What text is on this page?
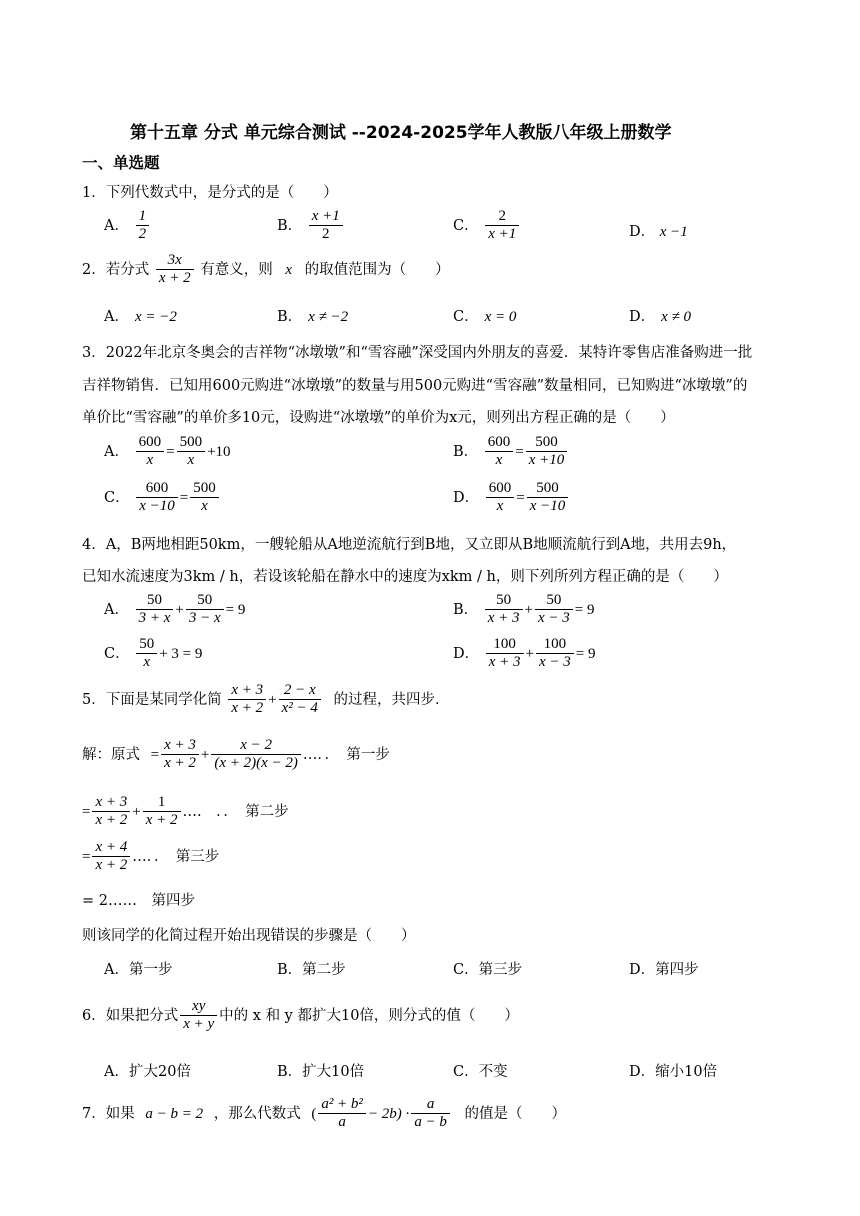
第十五章 分式 单元综合测试 --2024-2025学年人教版八年级上册数学
一、单选题
1．下列代数式中，是分式的是（　　）
A． $\frac{1}{2}$	B． $\frac{x +1}{2}$	C． $\frac{2}{x +1}$	D． x −1
2．若分式 $\frac{3x}{x + 2}$ 有意义，则 x 的取值范围为（　　）
A． x = −2	B． x ≠ −2	C． x = 0	D． x ≠ 0
3．2022年北京冬奥会的吉祥物“冰墩墩”和“雪容融”深受国内外朋友的喜爱．某特许零售店准备购进一批
吉祥物销售．已知用600元购进“冰墩墩”的数量与用500元购进“雪容融”数量相同，已知购进“冰墩墩”的
单价比“雪容融”的单价多10元，设购进“冰墩墩”的单价为x元，则列出方程正确的是（　　）
A． $\frac{600}{x} = \frac{500}{x} +10$	B． $\frac{600}{x} = \frac{500}{x +10}$
C． $\frac{600}{x -10} = \frac{500}{x}$	D． $\frac{600}{x} = \frac{500}{x -10}$
4．A，B两地相距50km，一艘轮船从A地逆流航行到B地，又立即从B地顺流航行到A地，共用去9h，
已知水流速度为3km / h，若设该轮船在静水中的速度为xkm / h，则下列所列方程正确的是（　　）
A． $\frac{50}{3 + x} + \frac{50}{3 - x} = 9$	B． $\frac{50}{x + 3} + \frac{50}{x - 3} = 9$
C． $\frac{50}{x} + 3 = 9$	D． $\frac{100}{x + 3} + \frac{100}{x - 3} = 9$
5．下面是某同学化简 $\frac{x + 3}{x + 2} + \frac{2 - x}{\text{x² − 4}}$ 的过程，共四步．
解：原式 = $\frac{x + 3}{x + 2} + \frac{x - 2}{(x + 2)(x - 2)}$ …．．　第一步
= $\frac{x + 3}{x + 2} + \frac{1}{x + 2}$ ….　．．　第二步
= $\frac{x + 4}{x + 2}$ …．．　第三步
= 2……　第四步
则该同学的化简过程开始出现错误的步骤是（　　）
A．第一步	B．第二步	C．第三步	D．第四步
6．如果把分式 $\frac{xy}{x + y}$ 中的 x 和 y 都扩大10倍，则分式的值（　　）
A．扩大20倍	B．扩大10倍	C．不变	D．缩小10倍
7．如果 a − b = 2 ，那么代数式 ( $\frac{\text{a² + b²}}{a} - 2b) \cdot \frac{a}{a - b}$ 的值是（　　）
